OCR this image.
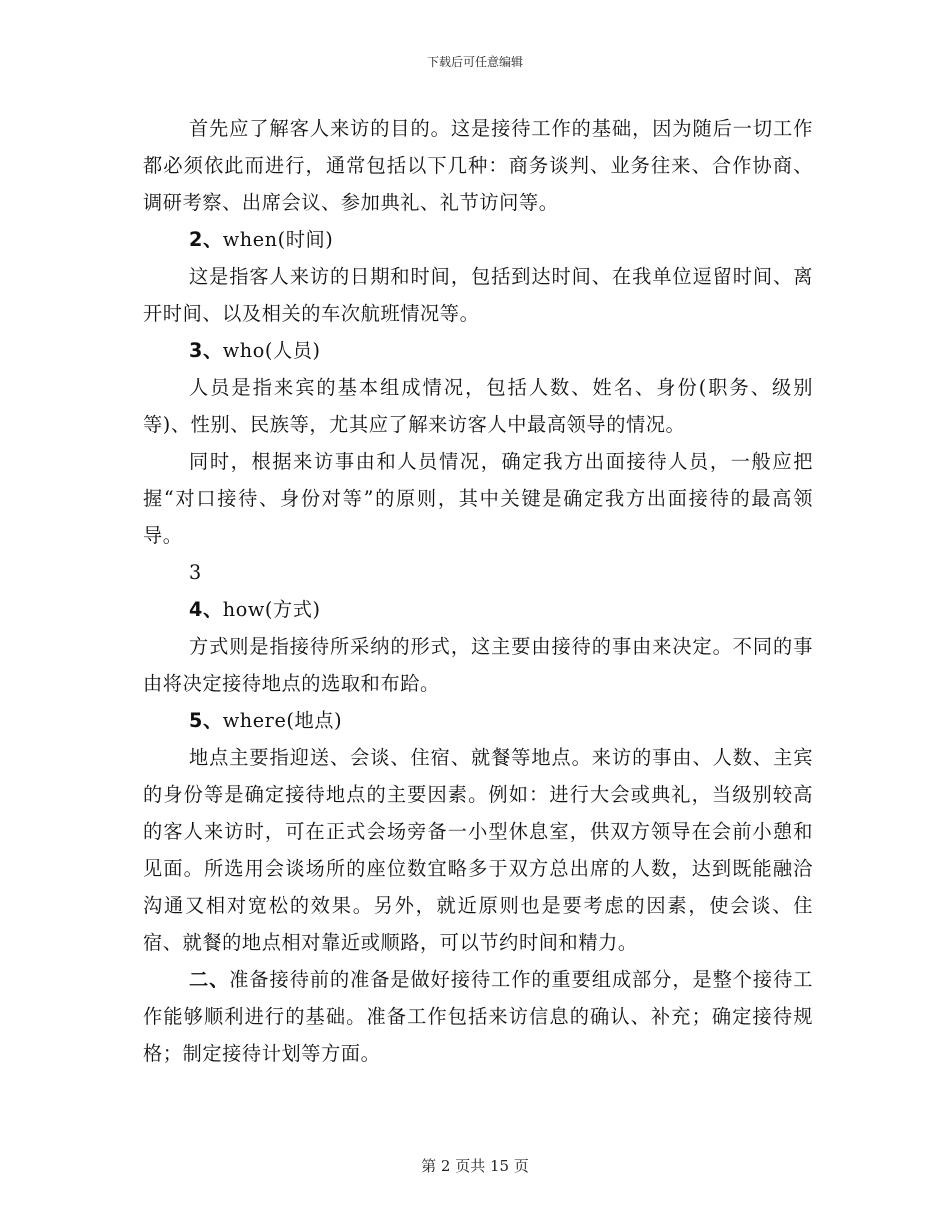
下载后可任意编辑

首先应了解客人来访的目的。这是接待工作的基础，因为随后一切工作都必须依此而进行，通常包括以下几种：商务谈判、业务往来、合作协商、调研考察、出席会议、参加典礼、礼节访问等。

2、when(时间)

这是指客人来访的日期和时间，包括到达时间、在我单位逗留时间、离开时间、以及相关的车次航班情况等。

3、who(人员)

人员是指来宾的基本组成情况，包括人数、姓名、身份(职务、级别等)、性别、民族等，尤其应了解来访客人中最高领导的情况。

同时，根据来访事由和人员情况，确定我方出面接待人员，一般应把握“对口接待、身份对等”的原则，其中关键是确定我方出面接待的最高领导。

3

4、how(方式)

方式则是指接待所采纳的形式，这主要由接待的事由来决定。不同的事由将决定接待地点的选取和布跲。

5、where(地点)

地点主要指迎送、会谈、住宿、就餐等地点。来访的事由、人数、主宾的身份等是确定接待地点的主要因素。例如：进行大会或典礼，当级别较高的客人来访时，可在正式会场旁备一小型休息室，供双方领导在会前小憩和见面。所选用会谈场所的座位数宜略多于双方总出席的人数，达到既能融洽沟通又相对宽松的效果。另外，就近原则也是要考虑的因素，使会谈、住宿、就餐的地点相对靠近或顺路，可以节约时间和精力。

二、准备接待前的准备是做好接待工作的重要组成部分，是整个接待工作能够顺利进行的基础。准备工作包括来访信息的确认、补充；确定接待规格；制定接待计划等方面。

第 2 页共 15 页
